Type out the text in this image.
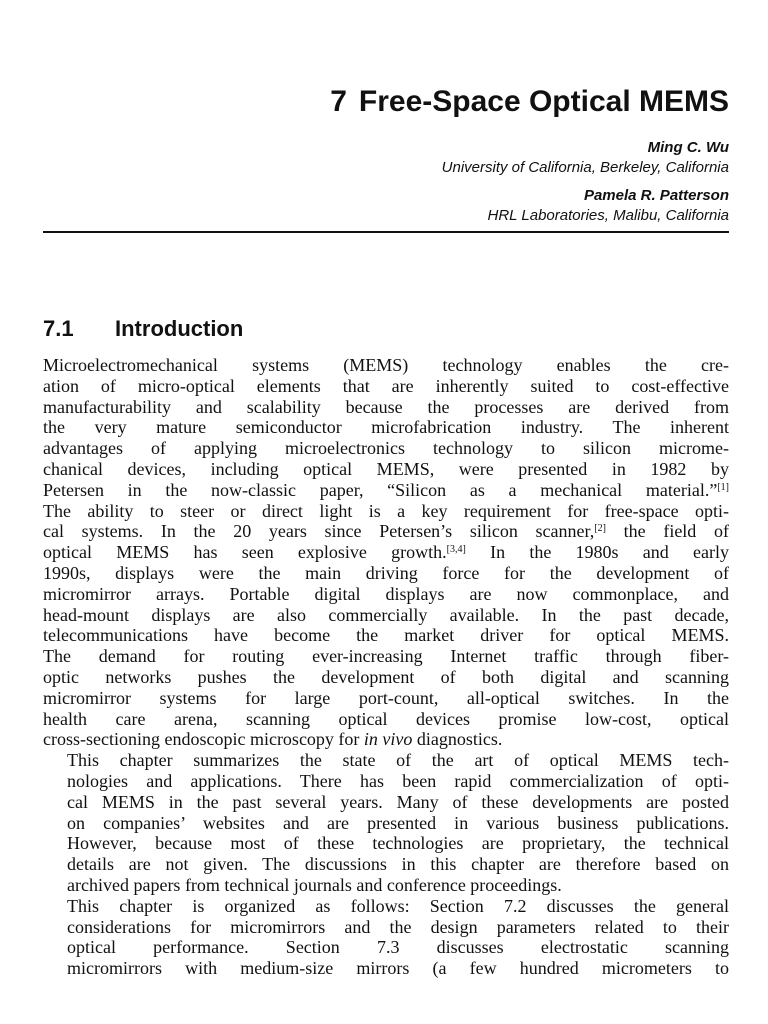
7 Free-Space Optical MEMS
Ming C. Wu
University of California, Berkeley, California
Pamela R. Patterson
HRL Laboratories, Malibu, California
7.1 Introduction

Microelectromechanical systems (MEMS) technology enables the cre-
ation of micro-optical elements that are inherently suited to cost-effective
manufacturability and scalability because the processes are derived from
the very mature semiconductor microfabrication industry. The inherent
advantages of applying microelectronics technology to silicon microme-
chanical devices, including optical MEMS, were presented in 1982 by
Petersen in the now-classic paper, “Silicon as a mechanical material.”[1]
The ability to steer or direct light is a key requirement for free-space opti-
cal systems. In the 20 years since Petersen’s silicon scanner,[2] the field of
optical MEMS has seen explosive growth.[3,4] In the 1980s and early
1990s, displays were the main driving force for the development of
micromirror arrays. Portable digital displays are now commonplace, and
head-mount displays are also commercially available. In the past decade,
telecommunications have become the market driver for optical MEMS.
The demand for routing ever-increasing Internet traffic through fiber-
optic networks pushes the development of both digital and scanning
micromirror systems for large port-count, all-optical switches. In the
health care arena, scanning optical devices promise low-cost, optical
cross-sectioning endoscopic microscopy for in vivo diagnostics.

This chapter summarizes the state of the art of optical MEMS tech-
nologies and applications. There has been rapid commercialization of opti-
cal MEMS in the past several years. Many of these developments are posted
on companies’ websites and are presented in various business publications.
However, because most of these technologies are proprietary, the technical
details are not given. The discussions in this chapter are therefore based on
archived papers from technical journals and conference proceedings.

This chapter is organized as follows: Section 7.2 discusses the general
considerations for micromirrors and the design parameters related to their
optical performance. Section 7.3 discusses electrostatic scanning
micromirrors with medium-size mirrors (a few hundred micrometers to
